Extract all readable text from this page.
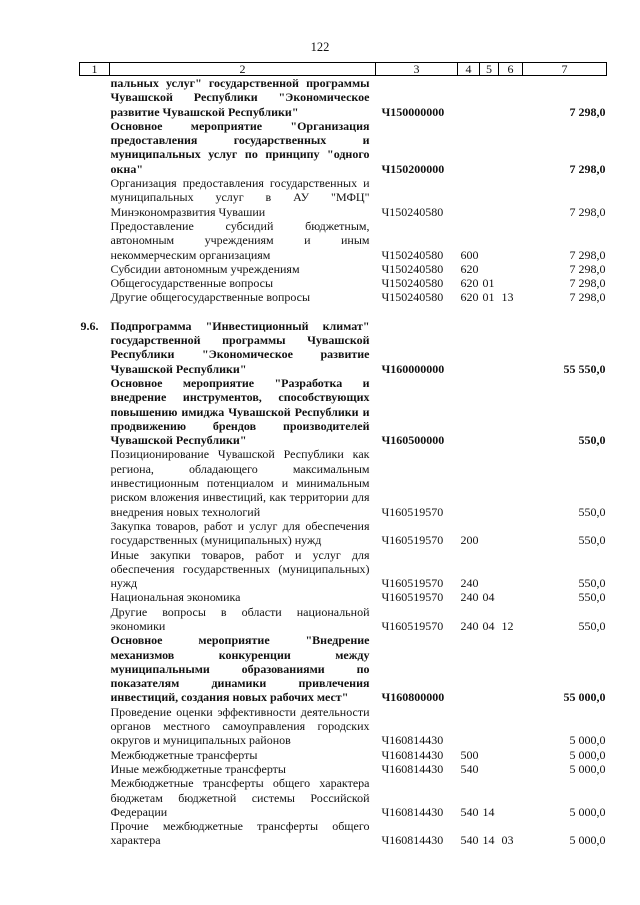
122
1	2	3	4	5	6	7
	пальных услуг" государственной программы Чувашской Республики "Экономическое развитие Чувашской Республики"	Ч150000000				7 298,0
	Основное мероприятие "Организация предоставления государственных и муниципальных услуг по принципу "одного окна"	Ч150200000				7 298,0
	Организация предоставления государственных и муниципальных услуг в АУ "МФЦ" Минэкономразвития Чувашии	Ч150240580				7 298,0
	Предоставление субсидий бюджетным, автономным учреждениям и иным некоммерческим организациям	Ч150240580	600			7 298,0
	Субсидии автономным учреждениям	Ч150240580	620			7 298,0
	Общегосударственные вопросы	Ч150240580	620	01		7 298,0
	Другие общегосударственные вопросы	Ч150240580	620	01	13	7 298,0

9.6.	Подпрограмма "Инвестиционный климат" государственной программы Чувашской Республики "Экономическое развитие Чувашской Республики"	Ч160000000				55 550,0
	Основное мероприятие "Разработка и внедрение инструментов, способствующих повышению имиджа Чувашской Республики и продвижению брендов производителей Чувашской Республики"	Ч160500000				550,0
	Позиционирование Чувашской Республики как региона, обладающего максимальным инвестиционным потенциалом и минимальным риском вложения инвестиций, как территории для внедрения новых технологий	Ч160519570				550,0
	Закупка товаров, работ и услуг для обеспечения государственных (муниципальных) нужд	Ч160519570	200			550,0
	Иные закупки товаров, работ и услуг для обеспечения государственных (муниципальных) нужд	Ч160519570	240			550,0
	Национальная экономика	Ч160519570	240	04		550,0
	Другие вопросы в области национальной экономики	Ч160519570	240	04	12	550,0
	Основное мероприятие "Внедрение механизмов конкуренции между муниципальными образованиями по показателям динамики привлечения инвестиций, создания новых рабочих мест"	Ч160800000				55 000,0
	Проведение оценки эффективности деятельности органов местного самоуправления городских округов и муниципальных районов	Ч160814430				5 000,0
	Межбюджетные трансферты	Ч160814430	500			5 000,0
	Иные межбюджетные трансферты	Ч160814430	540			5 000,0
	Межбюджетные трансферты общего характера бюджетам бюджетной системы Российской Федерации	Ч160814430	540	14		5 000,0
	Прочие межбюджетные трансферты общего характера	Ч160814430	540	14	03	5 000,0
